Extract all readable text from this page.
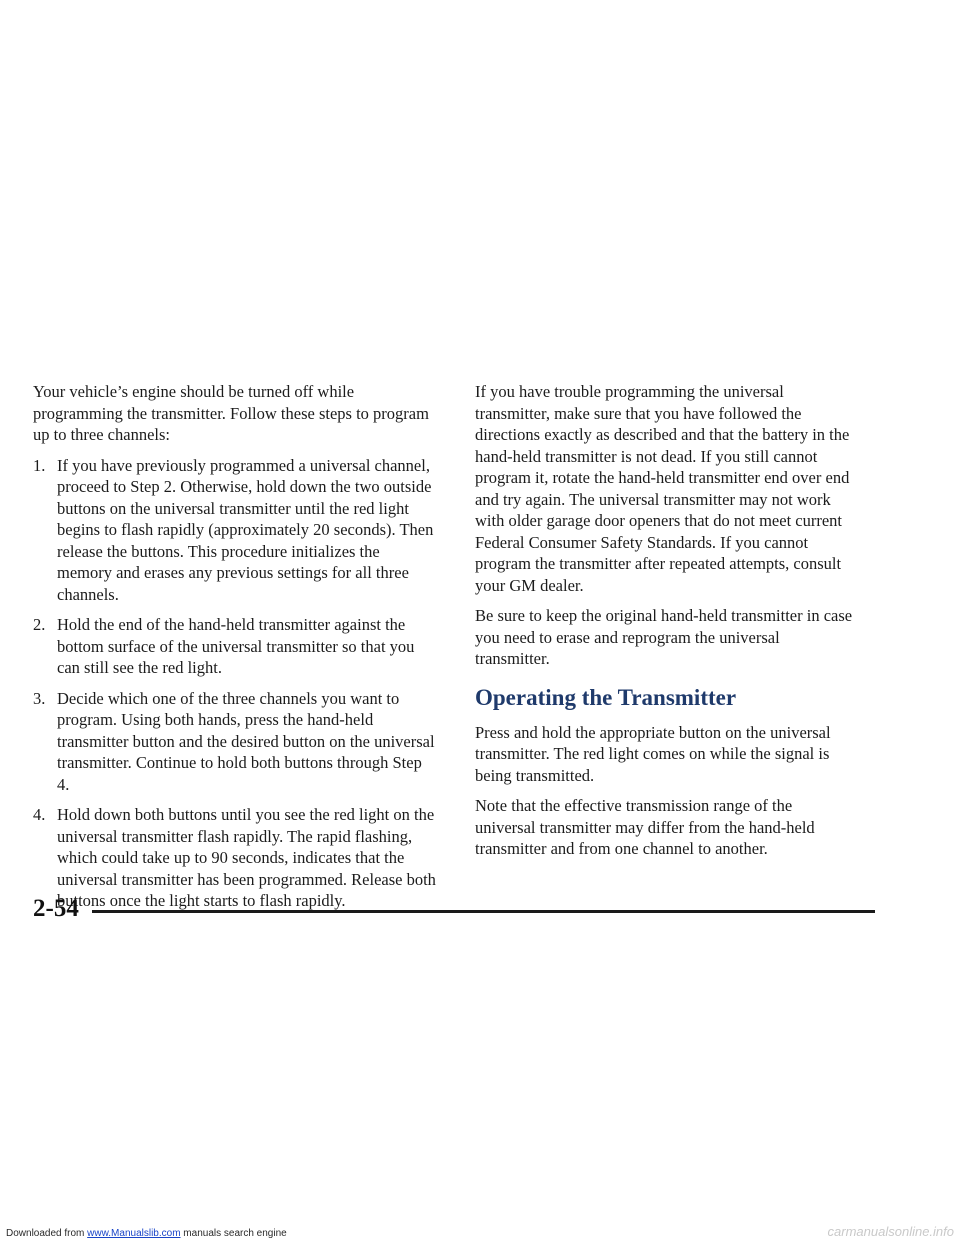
Your vehicle’s engine should be turned off while programming the transmitter. Follow these steps to program up to three channels:

1. If you have previously programmed a universal channel, proceed to Step 2. Otherwise, hold down the two outside buttons on the universal transmitter until the red light begins to flash rapidly (approximately 20 seconds). Then release the buttons. This procedure initializes the memory and erases any previous settings for all three channels.
2. Hold the end of the hand-held transmitter against the bottom surface of the universal transmitter so that you can still see the red light.
3. Decide which one of the three channels you want to program. Using both hands, press the hand-held transmitter button and the desired button on the universal transmitter. Continue to hold both buttons through Step 4.
4. Hold down both buttons until you see the red light on the universal transmitter flash rapidly. The rapid flashing, which could take up to 90 seconds, indicates that the universal transmitter has been programmed. Release both buttons once the light starts to flash rapidly.

If you have trouble programming the universal transmitter, make sure that you have followed the directions exactly as described and that the battery in the hand-held transmitter is not dead. If you still cannot program it, rotate the hand-held transmitter end over end and try again. The universal transmitter may not work with older garage door openers that do not meet current Federal Consumer Safety Standards. If you cannot program the transmitter after repeated attempts, consult your GM dealer.

Be sure to keep the original hand-held transmitter in case you need to erase and reprogram the universal transmitter.

Operating the Transmitter

Press and hold the appropriate button on the universal transmitter. The red light comes on while the signal is being transmitted.

Note that the effective transmission range of the universal transmitter may differ from the hand-held transmitter and from one channel to another.

2-54
Downloaded from www.Manualslib.com manuals search engine	carmanualsonline.info
